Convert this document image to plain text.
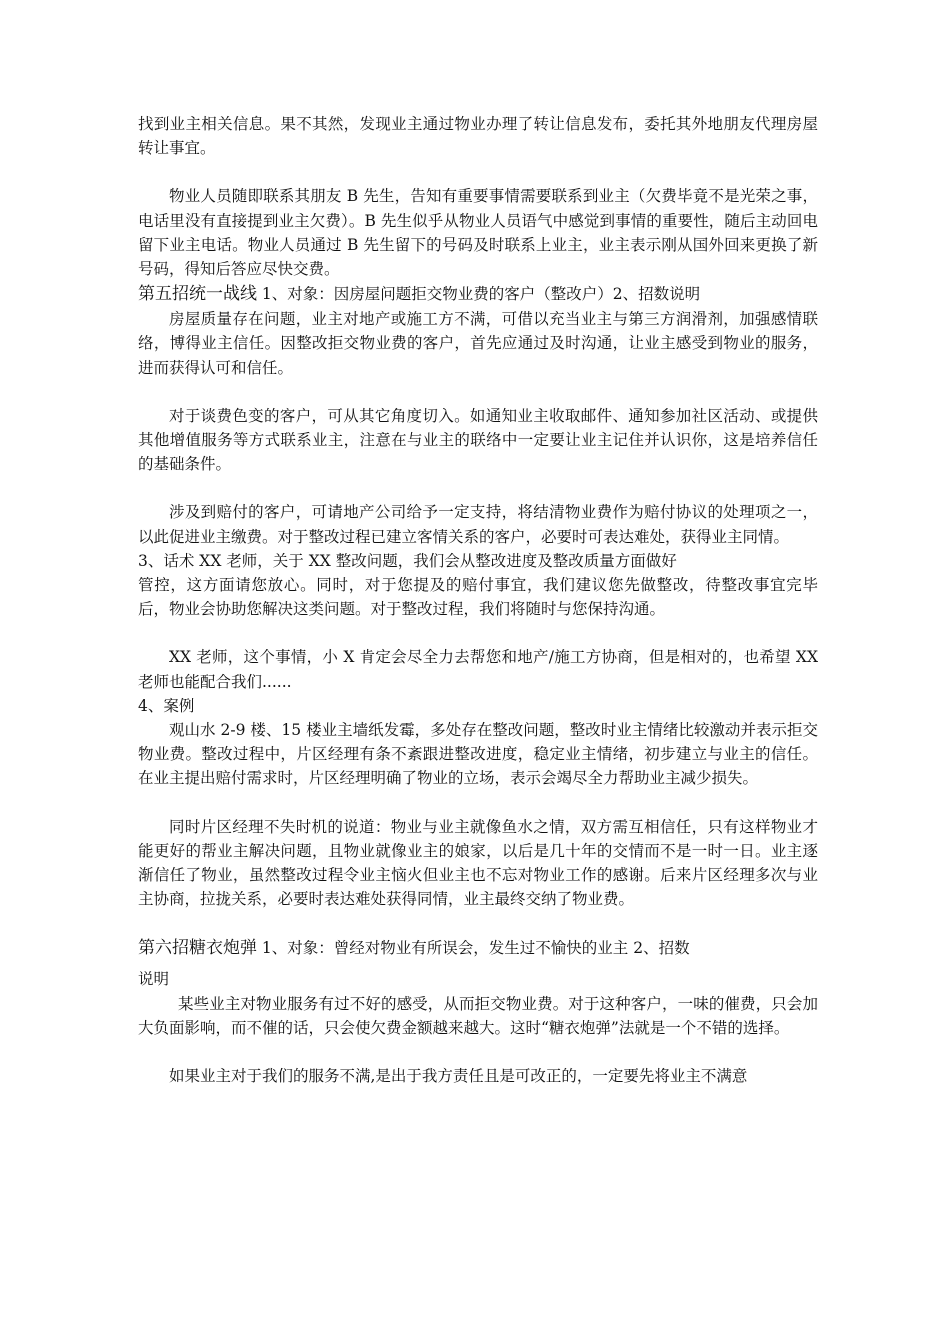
找到业主相关信息。果不其然，发现业主通过物业办理了转让信息发布，委托其外地朋友代理房屋转让事宜。

物业人员随即联系其朋友 B 先生，告知有重要事情需要联系到业主（欠费毕竟不是光荣之事，电话里没有直接提到业主欠费）。B 先生似乎从物业人员语气中感觉到事情的重要性，随后主动回电留下业主电话。物业人员通过 B 先生留下的号码及时联系上业主，业主表示刚从国外回来更换了新号码，得知后答应尽快交费。

第五招统一战线 1、对象：因房屋问题拒交物业费的客户（整改户）2、招数说明

房屋质量存在问题，业主对地产或施工方不满，可借以充当业主与第三方润滑剂，加强感情联络，博得业主信任。因整改拒交物业费的客户，首先应通过及时沟通，让业主感受到物业的服务，进而获得认可和信任。

对于谈费色变的客户，可从其它角度切入。如通知业主收取邮件、通知参加社区活动、或提供其他增值服务等方式联系业主，注意在与业主的联络中一定要让业主记住并认识你，这是培养信任的基础条件。

涉及到赔付的客户，可请地产公司给予一定支持，将结清物业费作为赔付协议的处理项之一，以此促进业主缴费。对于整改过程已建立客情关系的客户，必要时可表达难处，获得业主同情。

3、话术 XX 老师，关于 XX 整改问题，我们会从整改进度及整改质量方面做好

管控，这方面请您放心。同时，对于您提及的赔付事宜，我们建议您先做整改，待整改事宜完毕后，物业会协助您解决这类问题。对于整改过程，我们将随时与您保持沟通。

XX 老师，这个事情，小 X 肯定会尽全力去帮您和地产/施工方协商，但是相对的，也希望 XX 老师也能配合我们......

4、案例

观山水 2-9 楼、15 楼业主墙纸发霉，多处存在整改问题，整改时业主情绪比较激动并表示拒交物业费。整改过程中，片区经理有条不紊跟进整改进度，稳定业主情绪，初步建立与业主的信任。在业主提出赔付需求时，片区经理明确了物业的立场，表示会竭尽全力帮助业主减少损失。

同时片区经理不失时机的说道：物业与业主就像鱼水之情，双方需互相信任，只有这样物业才能更好的帮业主解决问题，且物业就像业主的娘家，以后是几十年的交情而不是一时一日。业主逐渐信任了物业，虽然整改过程令业主恼火但业主也不忘对物业工作的感谢。后来片区经理多次与业主协商，拉拢关系，必要时表达难处获得同情，业主最终交纳了物业费。

第六招糖衣炮弹 1、对象：曾经对物业有所误会，发生过不愉快的业主 2、招数

说明

某些业主对物业服务有过不好的感受，从而拒交物业费。对于这种客户，一味的催费，只会加大负面影响，而不催的话，只会使欠费金额越来越大。这时“糖衣炮弹”法就是一个不错的选择。

如果业主对于我们的服务不满,是出于我方责任且是可改正的，一定要先将业主不满意
